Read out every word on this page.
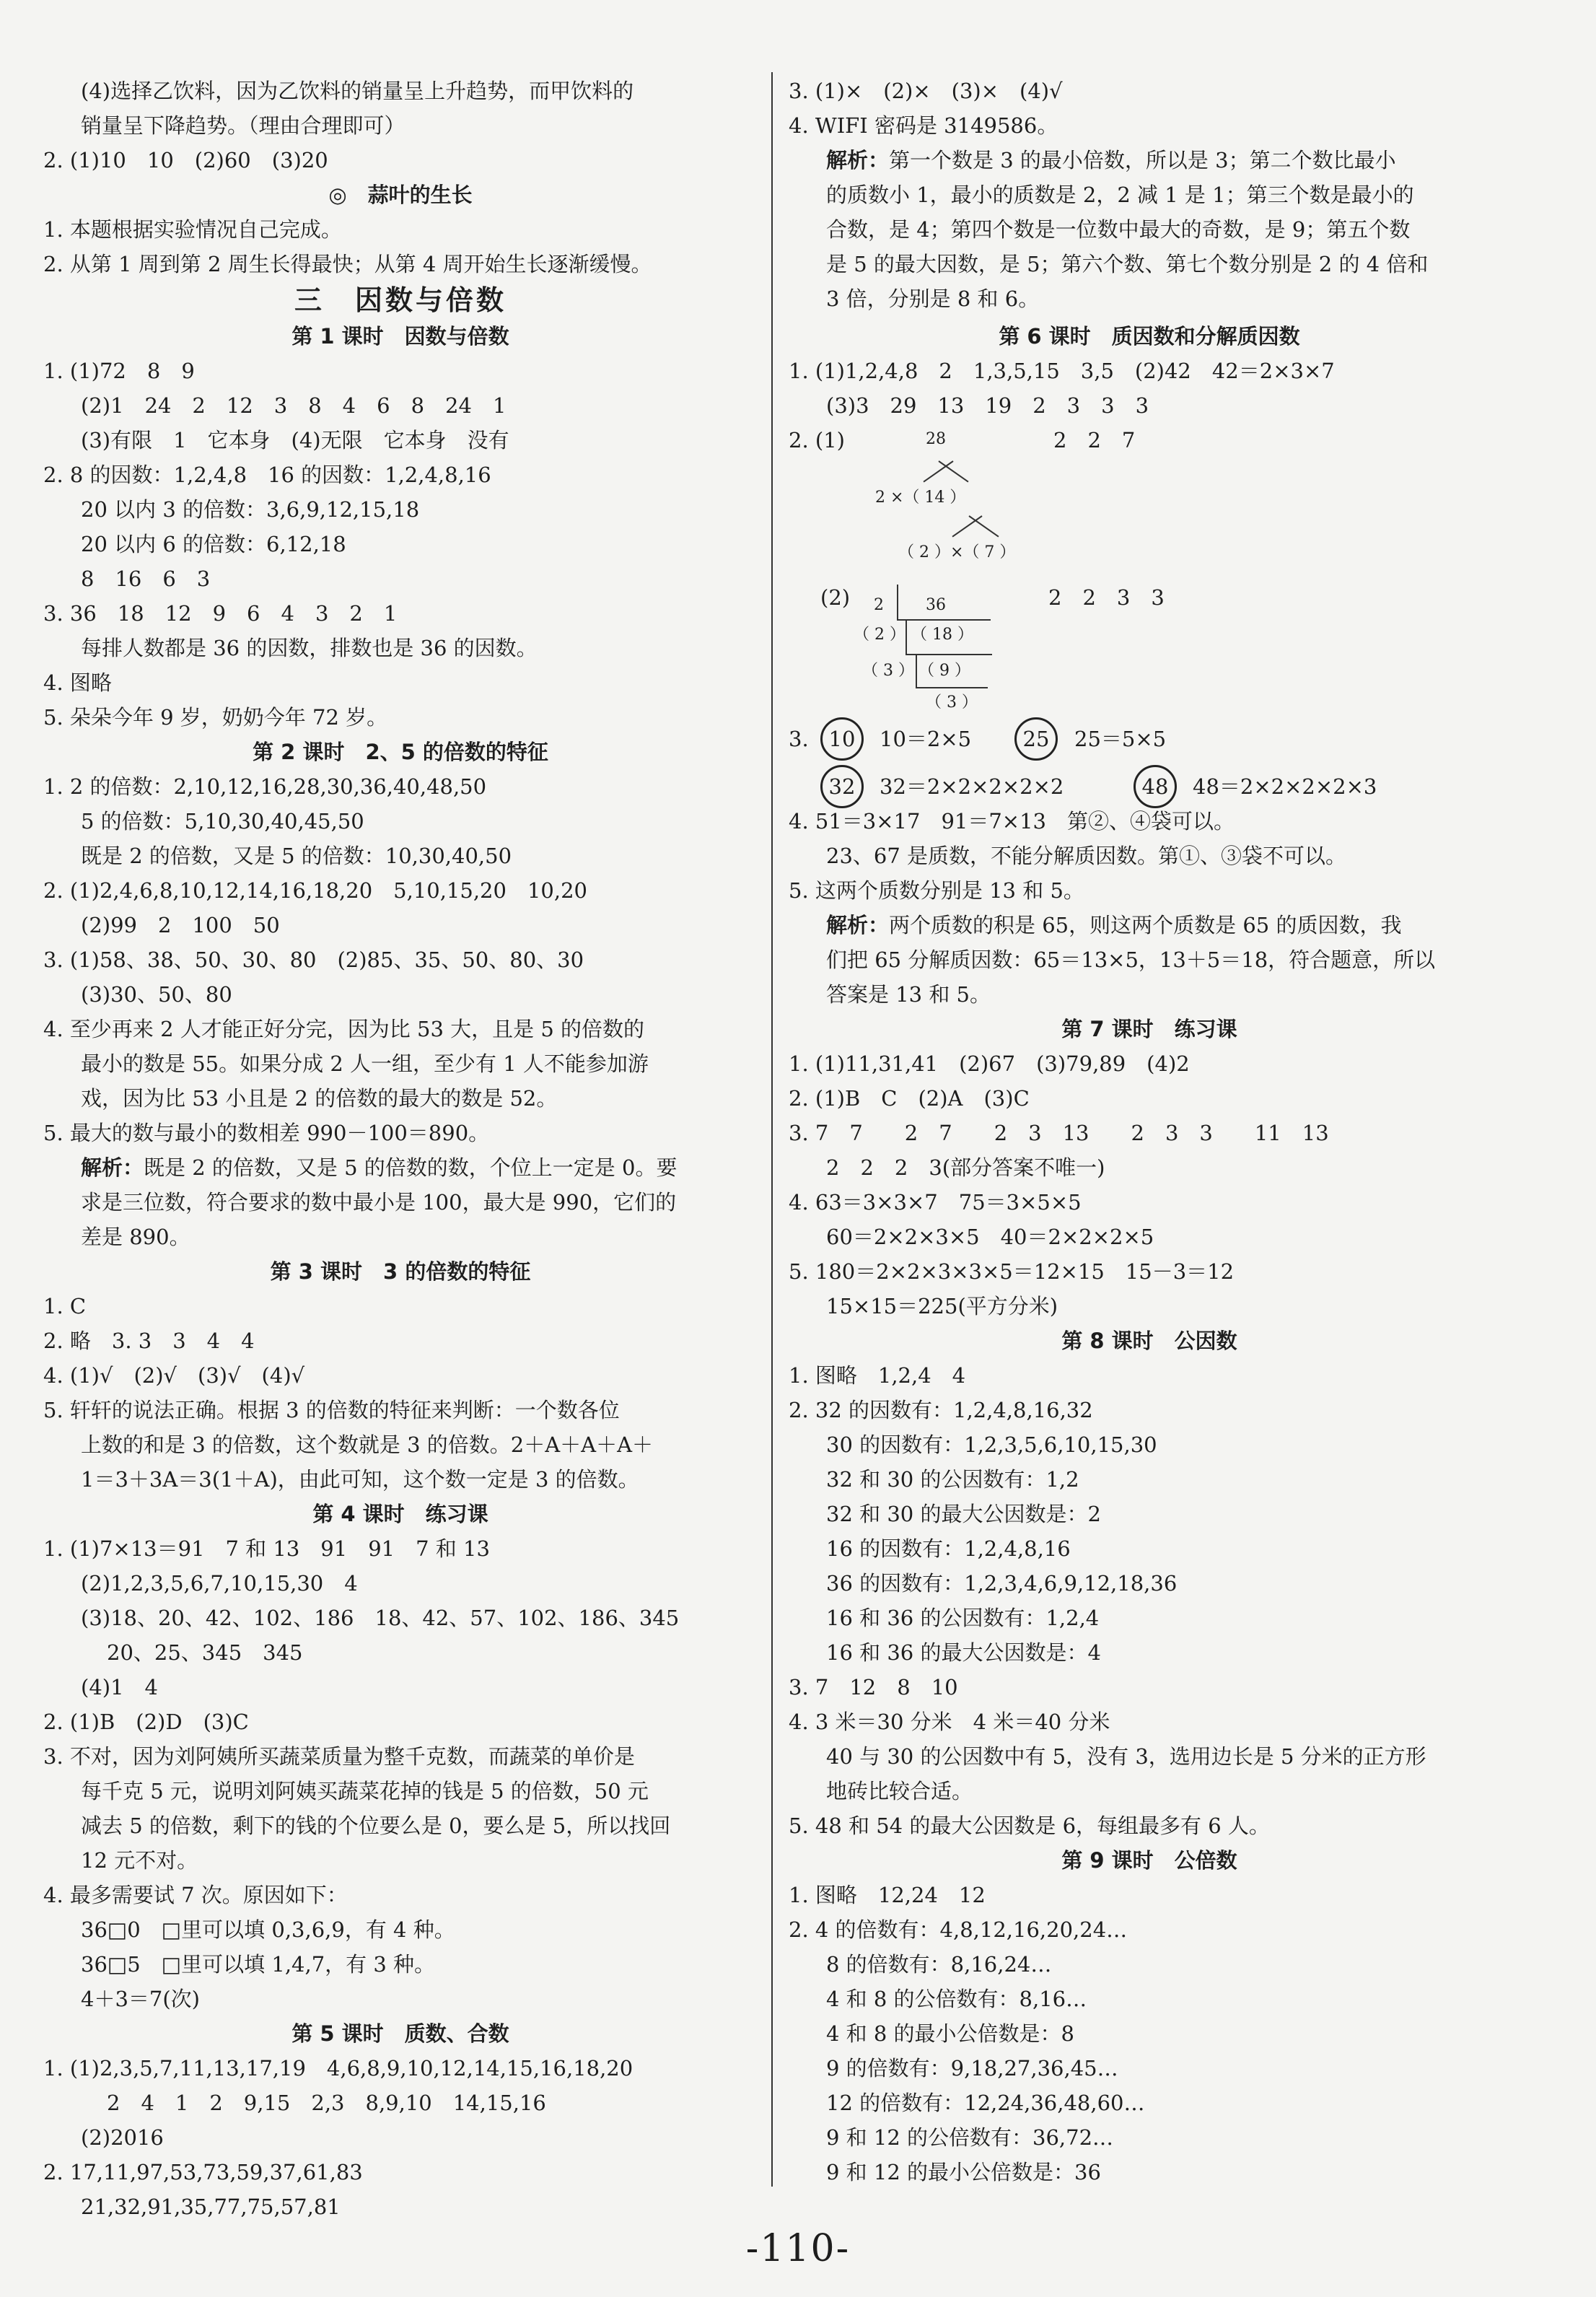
(4)选择乙饮料，因为乙饮料的销量呈上升趋势，而甲饮料的
销量呈下降趋势。（理由合理即可）
2. (1)10　10　(2)60　(3)20
◎　蒜叶的生长
1. 本题根据实验情况自己完成。
2. 从第 1 周到第 2 周生长得最快；从第 4 周开始生长逐渐缓慢。
三　因数与倍数
第 1 课时　因数与倍数
1. (1)72　8　9
(2)1　24　2　12　3　8　4　6　8　24　1
(3)有限　1　它本身　(4)无限　它本身　没有
2. 8 的因数：1,2,4,8　16 的因数：1,2,4,8,16
20 以内 3 的倍数：3,6,9,12,15,18
20 以内 6 的倍数：6,12,18
8　16　6　3
3. 36　18　12　9　6　4　3　2　1
每排人数都是 36 的因数，排数也是 36 的因数。
4. 图略
5. 朵朵今年 9 岁，奶奶今年 72 岁。
第 2 课时　2、5 的倍数的特征
1. 2 的倍数：2,10,12,16,28,30,36,40,48,50
5 的倍数：5,10,30,40,45,50
既是 2 的倍数，又是 5 的倍数：10,30,40,50
2. (1)2,4,6,8,10,12,14,16,18,20　5,10,15,20　10,20
(2)99　2　100　50
3. (1)58、38、50、30、80　(2)85、35、50、80、30
(3)30、50、80
4. 至少再来 2 人才能正好分完，因为比 53 大，且是 5 的倍数的
最小的数是 55。如果分成 2 人一组，至少有 1 人不能参加游
戏，因为比 53 小且是 2 的倍数的最大的数是 52。
5. 最大的数与最小的数相差 990－100＝890。
解析：既是 2 的倍数，又是 5 的倍数的数，个位上一定是 0。要
求是三位数，符合要求的数中最小是 100，最大是 990，它们的
差是 890。
第 3 课时　3 的倍数的特征
1. C
2. 略　3. 3　3　4　4
4. (1)√　(2)√　(3)√　(4)√
5. 轩轩的说法正确。根据 3 的倍数的特征来判断：一个数各位
上数的和是 3 的倍数，这个数就是 3 的倍数。2＋A＋A＋A＋
1＝3＋3A＝3(1＋A)，由此可知，这个数一定是 3 的倍数。
第 4 课时　练习课
1. (1)7×13＝91　7 和 13　91　91　7 和 13
(2)1,2,3,5,6,7,10,15,30　4
(3)18、20、42、102、186　18、42、57、102、186、345
20、25、345　345
(4)1　4
2. (1)B　(2)D　(3)C
3. 不对，因为刘阿姨所买蔬菜质量为整千克数，而蔬菜的单价是
每千克 5 元，说明刘阿姨买蔬菜花掉的钱是 5 的倍数，50 元
减去 5 的倍数，剩下的钱的个位要么是 0，要么是 5，所以找回
12 元不对。
4. 最多需要试 7 次。原因如下：
36□0　□里可以填 0,3,6,9，有 4 种。
36□5　□里可以填 1,4,7，有 3 种。
4＋3＝7(次)
第 5 课时　质数、合数
1. (1)2,3,5,7,11,13,17,19　4,6,8,9,10,12,14,15,16,18,20
2　4　1　2　9,15　2,3　8,9,10　14,15,16
(2)2016
2. 17,11,97,53,73,59,37,61,83
21,32,91,35,77,75,57,81
3. (1)×　(2)×　(3)×　(4)√
4. WIFI 密码是 3149586。
解析：第一个数是 3 的最小倍数，所以是 3；第二个数比最小
的质数小 1，最小的质数是 2，2 减 1 是 1；第三个数是最小的
合数，是 4；第四个数是一位数中最大的奇数，是 9；第五个数
是 5 的最大因数，是 5；第六个数、第七个数分别是 2 的 4 倍和
3 倍，分别是 8 和 6。
第 6 课时　质因数和分解质因数
1. (1)1,2,4,8　2　1,3,5,15　3,5　(2)42　42＝2×3×7
(3)3　29　13　19　2　3　3　3
2. (1)	28
2 ×（ 14 ）
（ 2 ）×（ 7 ）
2　2　7
(2) 2	36
（ 2 ） （ 18 ）
（ 3 ） （ 9 ）
（ 3 ）
2　2　3　3
3. 10	10＝2×5	25	25＝5×5
32	32＝2×2×2×2×2	48	48＝2×2×2×2×3
4. 51＝3×17　91＝7×13　第②、④袋可以。
23、67 是质数，不能分解质因数。第①、③袋不可以。
5. 这两个质数分别是 13 和 5。
解析：两个质数的积是 65，则这两个质数是 65 的质因数，我
们把 65 分解质因数：65＝13×5，13＋5＝18，符合题意，所以
答案是 13 和 5。
第 7 课时　练习课
1. (1)11,31,41　(2)67　(3)79,89　(4)2
2. (1)B　C　(2)A　(3)C
3. 7　7　　2　7　　2　3　13　　2　3　3　　11　13
2　2　2　3(部分答案不唯一)
4. 63＝3×3×7　75＝3×5×5
60＝2×2×3×5　40＝2×2×2×5
5. 180＝2×2×3×3×5＝12×15　15－3＝12
15×15＝225(平方分米)
第 8 课时　公因数
1. 图略　1,2,4　4
2. 32 的因数有：1,2,4,8,16,32
30 的因数有：1,2,3,5,6,10,15,30
32 和 30 的公因数有：1,2
32 和 30 的最大公因数是：2
16 的因数有：1,2,4,8,16
36 的因数有：1,2,3,4,6,9,12,18,36
16 和 36 的公因数有：1,2,4
16 和 36 的最大公因数是：4
3. 7　12　8　10
4. 3 米＝30 分米　4 米＝40 分米
40 与 30 的公因数中有 5，没有 3，选用边长是 5 分米的正方形
地砖比较合适。
5. 48 和 54 的最大公因数是 6，每组最多有 6 人。
第 9 课时　公倍数
1. 图略　12,24　12
2. 4 的倍数有：4,8,12,16,20,24…
8 的倍数有：8,16,24…
4 和 8 的公倍数有：8,16…
4 和 8 的最小公倍数是：8
9 的倍数有：9,18,27,36,45…
12 的倍数有：12,24,36,48,60…
9 和 12 的公倍数有：36,72…
9 和 12 的最小公倍数是：36
-110-
